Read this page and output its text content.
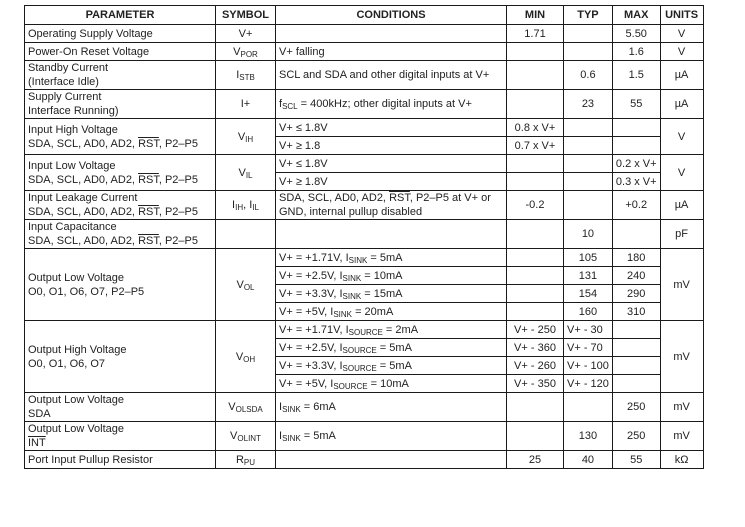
PARAMETER	SYMBOL	CONDITIONS	MIN	TYP	MAX	UNITS
Operating Supply Voltage	V+		1.71		5.50	V
Power-On Reset Voltage	$V_{POR}$	V+ falling			1.6	V

Standby Current
(Interface Idle)	$I_{STB}$	SCL and SDA and other digital inputs at V+		0.6	1.5	µA

Supply Current
Interface Running)	I+	$f_{SCL} = 400kHz$; other digital inputs at V+		23	55	µA

Input High Voltage
SDA, SCL, AD0, AD2, $\overline{RST}$, P2–P5	$V_{IH}$	V+ ≤ 1.8V	0.8 x V+			V
		V+ ≥ 1.8	0.7 x V+			

Input Low Voltage
SDA, SCL, AD0, AD2, $\overline{RST}$, P2–P5	$V_{IL}$	V+ ≤ 1.8V			0.2 x V+	V
		V+ ≥ 1.8V			0.3 x V+	

Input Leakage Current
SDA, SCL, AD0, AD2, $\overline{RST}$, P2–P5	$I_{IH}$, $I_{IL}$	SDA, SCL, AD0, AD2, $\overline{RST}$, P2–P5 at V+ or
GND, internal pullup disabled	-0.2		+0.2	µA

Input Capacitance
SDA, SCL, AD0, AD2, $\overline{RST}$, P2–P5				10		pF

Output Low Voltage
O0, O1, O6, O7, P2–P5	$V_{OL}$	V+ = +1.71V, $I_{SINK} = 5mA$		105	180	mV
		V+ = +2.5V, $I_{SINK} = 10mA$		131	240	
		V+ = +3.3V, $I_{SINK} = 15mA$		154	290	
		V+ = +5V, $I_{SINK} = 20mA$		160	310	

Output High Voltage
O0, O1, O6, O7	$V_{OH}$	V+ = +1.71V, $I_{SOURCE} = 2mA$	V+ - 250	V+ - 30		mV
		V+ = +2.5V, $I_{SOURCE} = 5mA$	V+ - 360	V+ - 70		
		V+ = +3.3V, $I_{SOURCE} = 5mA$	V+ - 260	V+ - 100		
		V+ = +5V, $I_{SOURCE} = 10mA$	V+ - 350	V+ - 120		

Output Low Voltage
SDA	$V_{OLSDA}$	$I_{SINK} = 6mA$			250	mV

Output Low Voltage
$\overline{INT}$	$V_{OLINT}$	$I_{SINK} = 5mA$		130	250	mV
Port Input Pullup Resistor	$R_{PU}$		25	40	55	kΩ
